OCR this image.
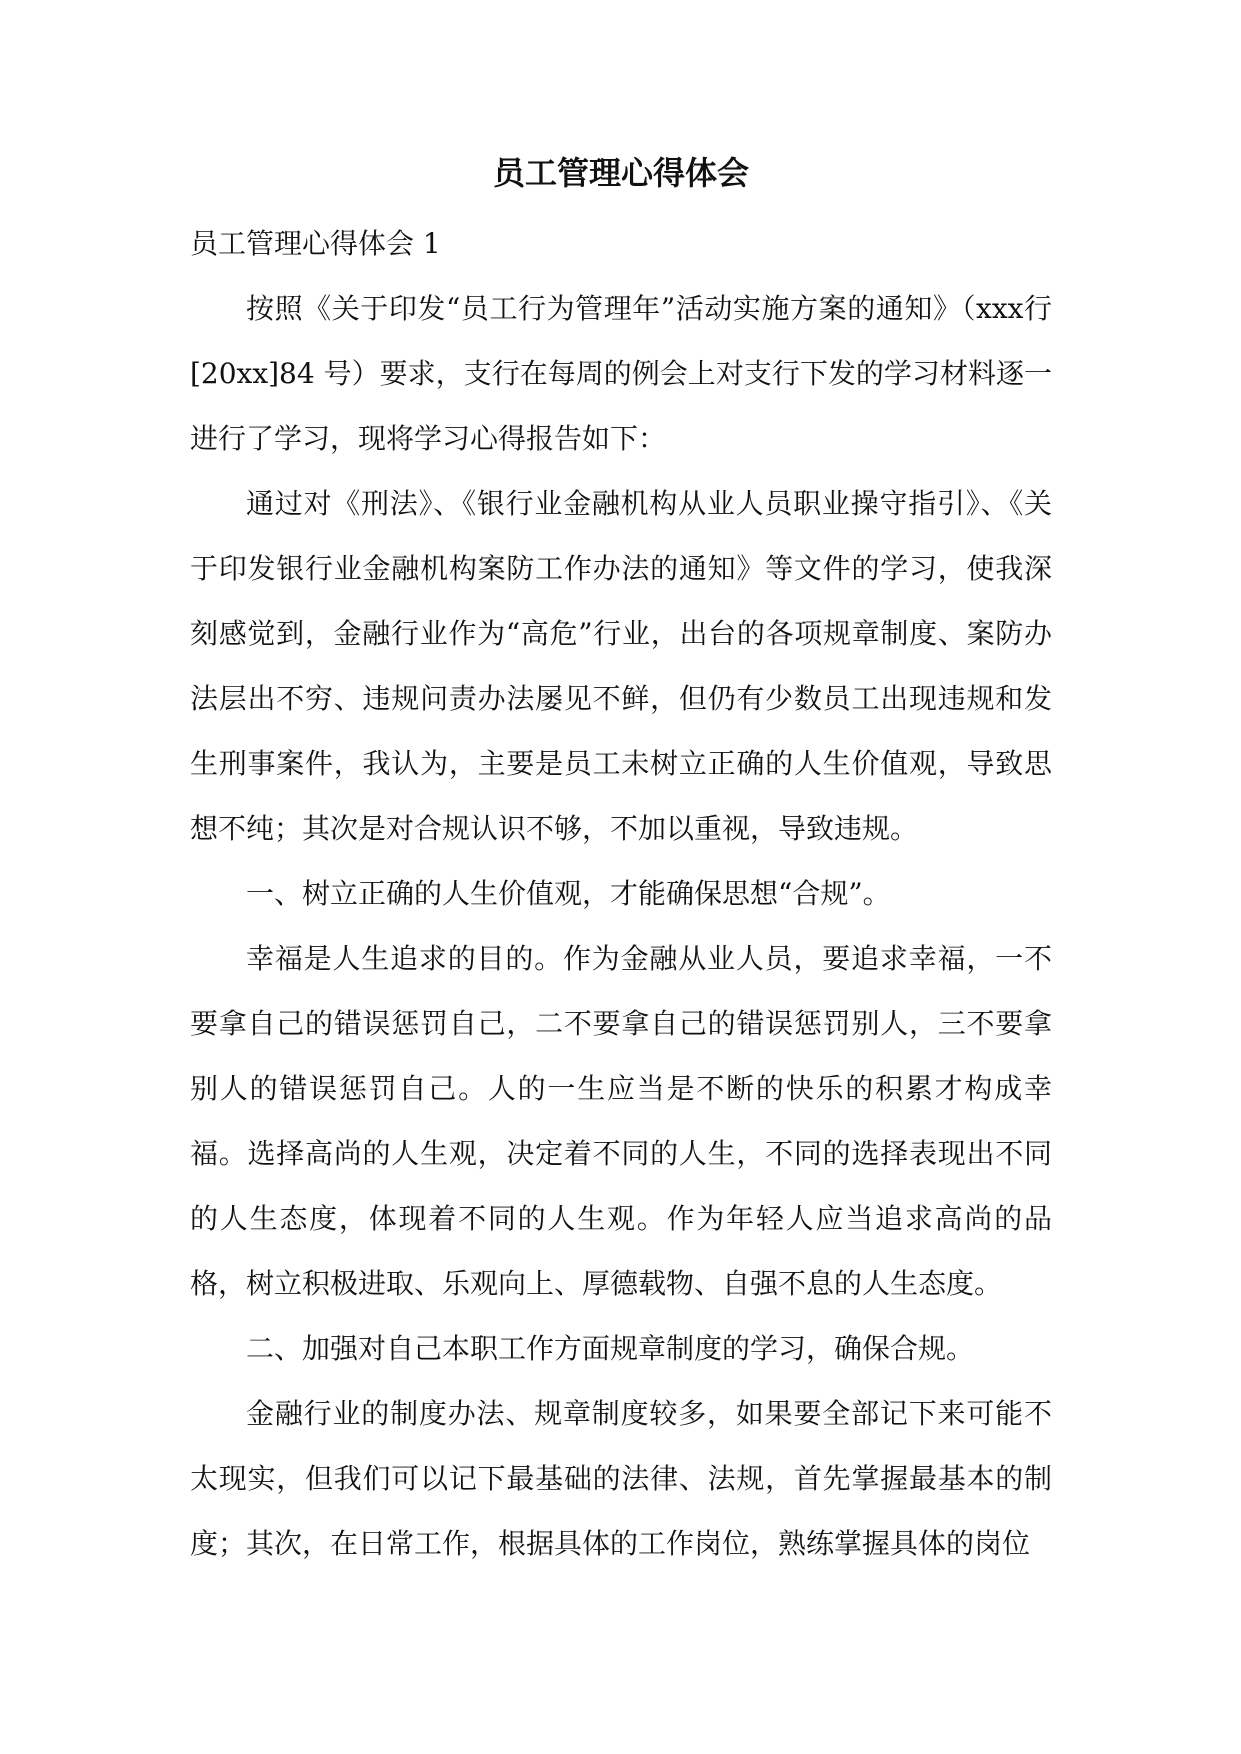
员工管理心得体会
员工管理心得体会 1

按照《关于印发“员工行为管理年”活动实施方案的通知》（xxx行[20xx]84 号）要求，支行在每周的例会上对支行下发的学习材料逐一进行了学习，现将学习心得报告如下：

通过对《刑法》、《银行业金融机构从业人员职业操守指引》、《关于印发银行业金融机构案防工作办法的通知》等文件的学习，使我深刻感觉到，金融行业作为“高危”行业，出台的各项规章制度、案防办法层出不穷、违规问责办法屡见不鲜，但仍有少数员工出现违规和发生刑事案件，我认为，主要是员工未树立正确的人生价值观，导致思想不纯；其次是对合规认识不够，不加以重视，导致违规。

一、树立正确的人生价值观，才能确保思想“合规”。

幸福是人生追求的目的。作为金融从业人员，要追求幸福，一不要拿自己的错误惩罚自己，二不要拿自己的错误惩罚别人，三不要拿别人的错误惩罚自己。人的一生应当是不断的快乐的积累才构成幸福。选择高尚的人生观，决定着不同的人生，不同的选择表现出不同的人生态度，体现着不同的人生观。作为年轻人应当追求高尚的品格，树立积极进取、乐观向上、厚德载物、自强不息的人生态度。

二、加强对自己本职工作方面规章制度的学习，确保合规。

金融行业的制度办法、规章制度较多，如果要全部记下来可能不太现实，但我们可以记下最基础的法律、法规，首先掌握最基本的制度；其次，在日常工作，根据具体的工作岗位，熟练掌握具体的岗位
